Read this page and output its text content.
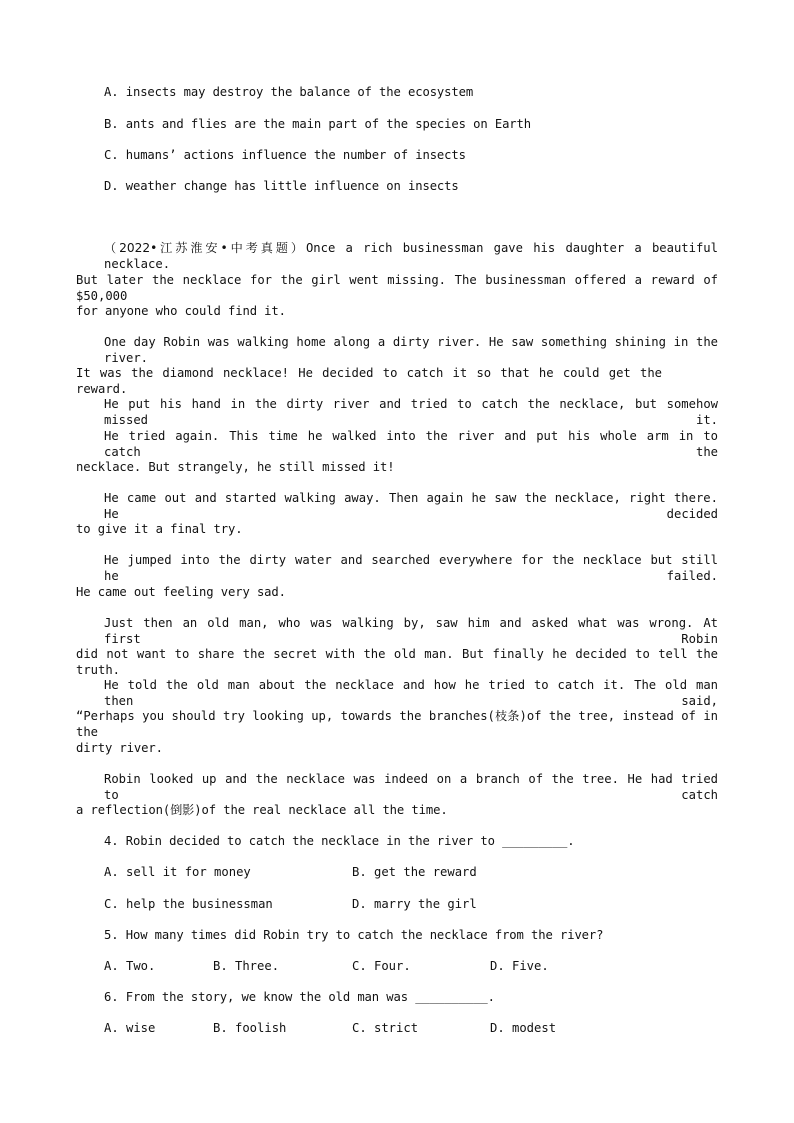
A. insects may destroy the balance of the ecosystem
B. ants and flies are the main part of the species on Earth
C. humans’ actions influence the number of insects
D. weather change has little influence on insects
（2022•江苏淮安•中考真题）Once a rich businessman gave his daughter a beautiful necklace.
But later the necklace for the girl went missing. The businessman offered a reward of $50,000
for anyone who could find it.
One day Robin was walking home along a dirty river. He saw something shining in the river.
It was the diamond necklace! He decided to catch it so that he could get the reward.
He put his hand in the dirty river and tried to catch the necklace, but somehow missed it.
He tried again. This time he walked into the river and put his whole arm in to catch the
necklace. But strangely, he still missed it!
He came out and started walking away. Then again he saw the necklace, right there. He decided
to give it a final try.
He jumped into the dirty water and searched everywhere for the necklace but still he failed.
He came out feeling very sad.
Just then an old man, who was walking by, saw him and asked what was wrong. At first Robin
did not want to share the secret with the old man. But finally he decided to tell the truth.
He told the old man about the necklace and how he tried to catch it. The old man then said,
“Perhaps you should try looking up, towards the branches(枝条)of the tree, instead of in the
dirty river.
Robin looked up and the necklace was indeed on a branch of the tree. He had tried to catch
a reflection(倒影)of the real necklace all the time.
4. Robin decided to catch the necklace in the river to _________.
A. sell it for money	B. get the reward
C. help the businessman	D. marry the girl
5. How many times did Robin try to catch the necklace from the river?
A. Two.	B. Three.	C. Four.	D. Five.
6. From the story, we know the old man was __________.
A. wise	B. foolish	C. strict	D. modest
